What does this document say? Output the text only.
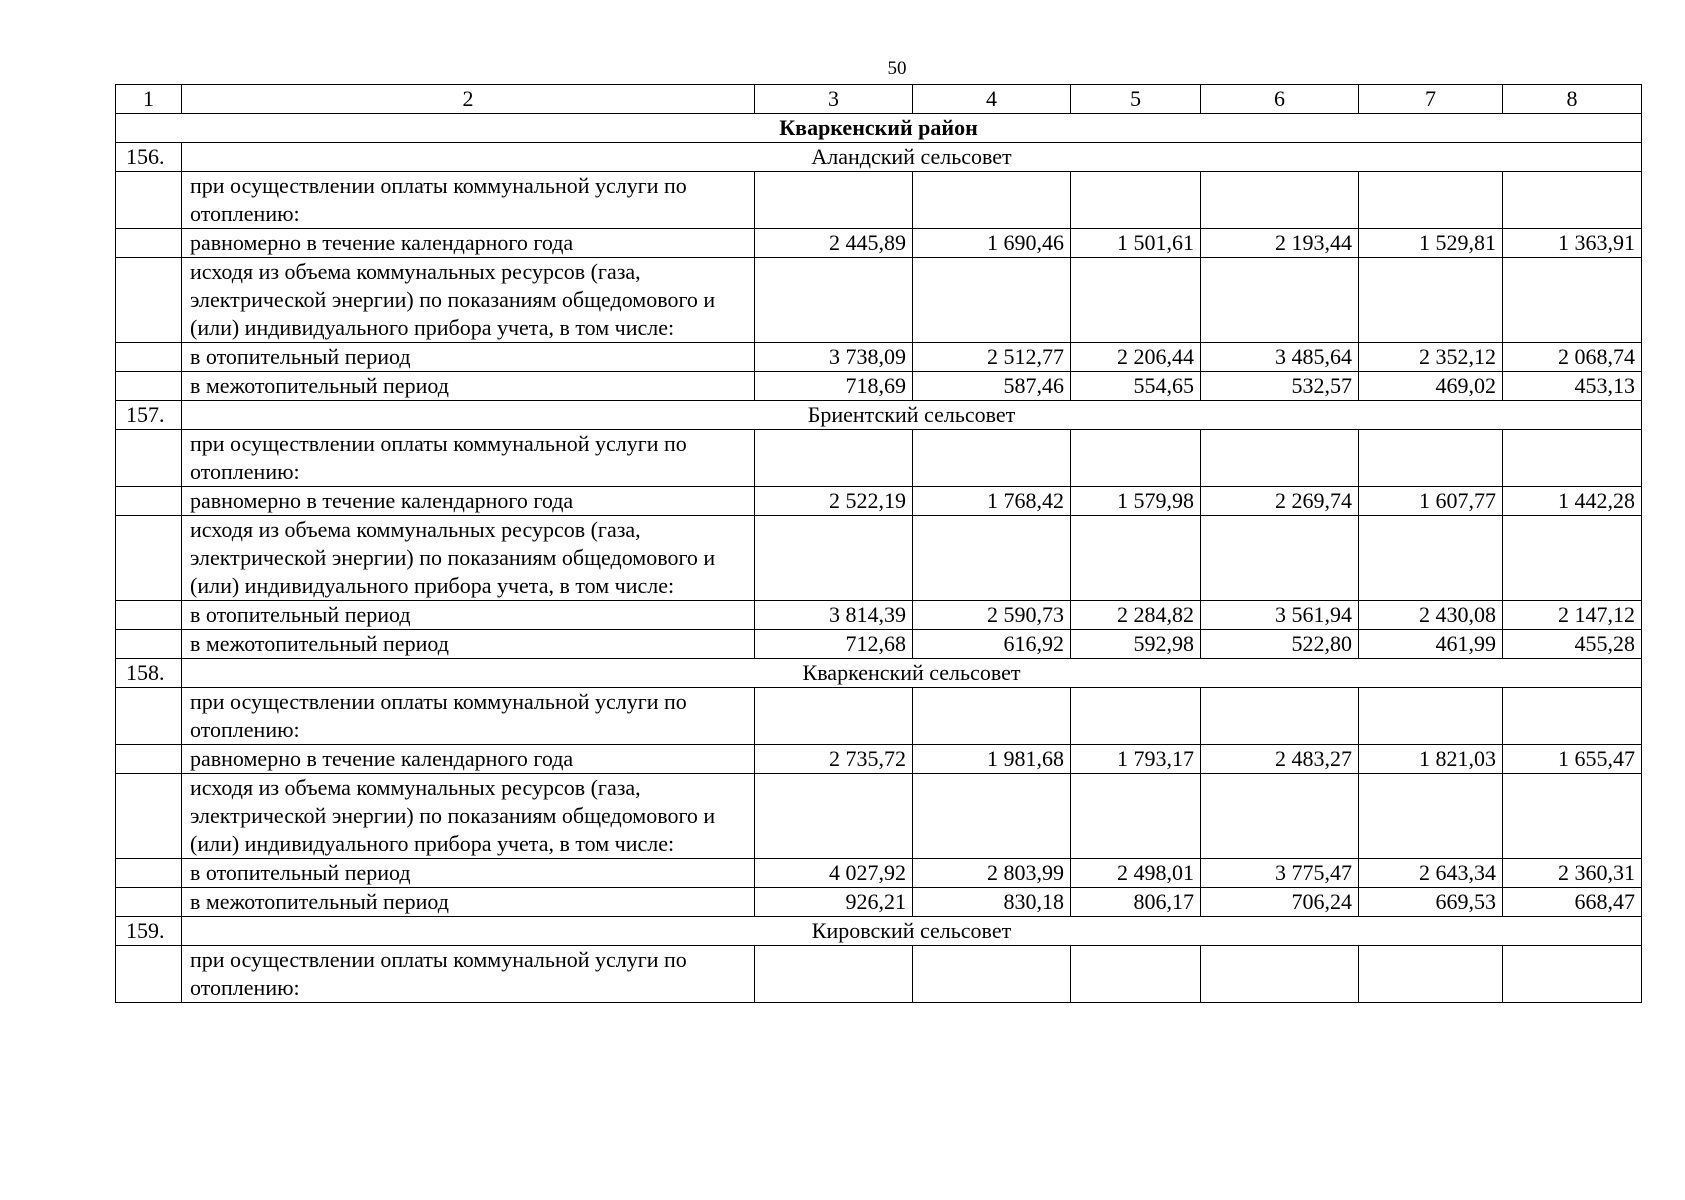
50
1	2	3	4	5	6	7	8
Кваркенский район							
156.	Аландский сельсовет						
	при осуществлении оплаты коммунальной услуги по отоплению:						
	равномерно в течение календарного года	2 445,89	1 690,46	1 501,61	2 193,44	1 529,81	1 363,91
	исходя из объема коммунальных ресурсов (газа, электрической энергии) по показаниям общедомового и (или) индивидуального прибора учета, в том числе:						
	в отопительный период	3 738,09	2 512,77	2 206,44	3 485,64	2 352,12	2 068,74
	в межотопительный период	718,69	587,46	554,65	532,57	469,02	453,13
157.	Бриентский сельсовет						
	при осуществлении оплаты коммунальной услуги по отоплению:						
	равномерно в течение календарного года	2 522,19	1 768,42	1 579,98	2 269,74	1 607,77	1 442,28
	исходя из объема коммунальных ресурсов (газа, электрической энергии) по показаниям общедомового и (или) индивидуального прибора учета, в том числе:						
	в отопительный период	3 814,39	2 590,73	2 284,82	3 561,94	2 430,08	2 147,12
	в межотопительный период	712,68	616,92	592,98	522,80	461,99	455,28
158.	Кваркенский сельсовет						
	при осуществлении оплаты коммунальной услуги по отоплению:						
	равномерно в течение календарного года	2 735,72	1 981,68	1 793,17	2 483,27	1 821,03	1 655,47
	исходя из объема коммунальных ресурсов (газа, электрической энергии) по показаниям общедомового и (или) индивидуального прибора учета, в том числе:						
	в отопительный период	4 027,92	2 803,99	2 498,01	3 775,47	2 643,34	2 360,31
	в межотопительный период	926,21	830,18	806,17	706,24	669,53	668,47
159.	Кировский сельсовет						
	при осуществлении оплаты коммунальной услуги по отоплению:						
